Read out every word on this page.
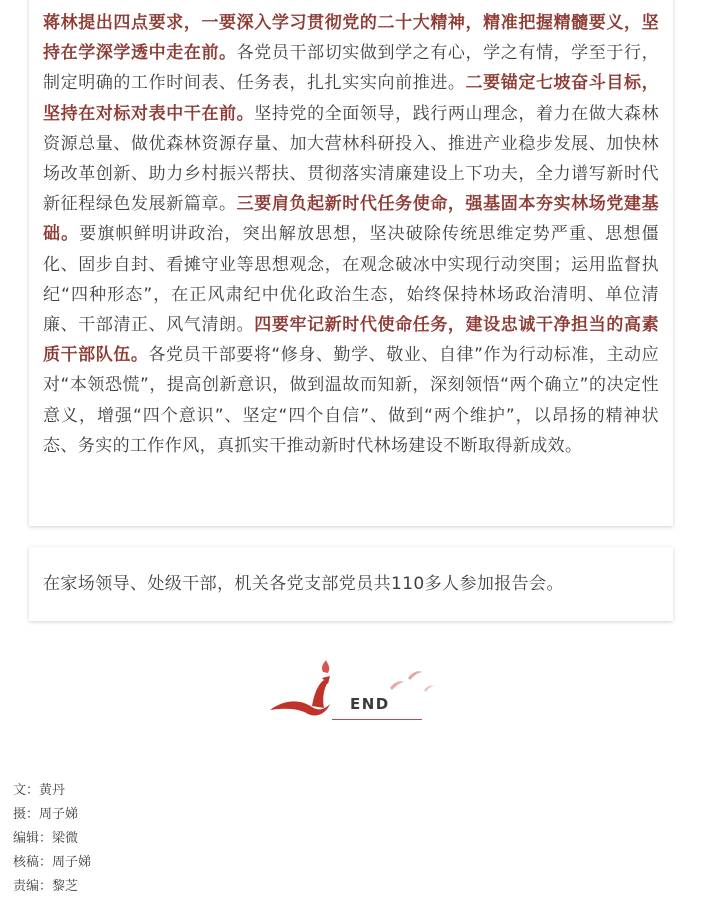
蒋林提出四点要求，一要深入学习贯彻党的二十大精神，精准把握精髓要义，坚持在学深学透中走在前。各党员干部切实做到学之有心，学之有情，学至于行，制定明确的工作时间表、任务表，扎扎实实向前推进。二要锚定七坡奋斗目标，坚持在对标对表中干在前。坚持党的全面领导，践行两山理念，着力在做大森林资源总量、做优森林资源存量、加大营林科研投入、推进产业稳步发展、加快林场改革创新、助力乡村振兴帮扶、贯彻落实清廉建设上下功夫，全力谱写新时代新征程绿色发展新篇章。三要肩负起新时代任务使命，强基固本夯实林场党建基础。要旗帜鲜明讲政治，突出解放思想，坚决破除传统思维定势严重、思想僵化、固步自封、看摊守业等思想观念，在观念破冰中实现行动突围；运用监督执纪“四种形态”，在正风肃纪中优化政治生态，始终保持林场政治清明、单位清廉、干部清正、风气清朗。四要牢记新时代使命任务，建设忠诚干净担当的高素质干部队伍。各党员干部要将“修身、勤学、敬业、自律”作为行动标准，主动应对“本领恐慌”，提高创新意识，做到温故而知新，深刻领悟“两个确立”的决定性意义，增强“四个意识”、坚定“四个自信”、做到“两个维护”，以昂扬的精神状态、务实的工作作风，真抓实干推动新时代林场建设不断取得新成效。

在家场领导、处级干部，机关各党支部党员共110多人参加报告会。

END
文：黄丹
摄：周子娣
编辑：梁微
核稿：周子娣
责编：黎芝
